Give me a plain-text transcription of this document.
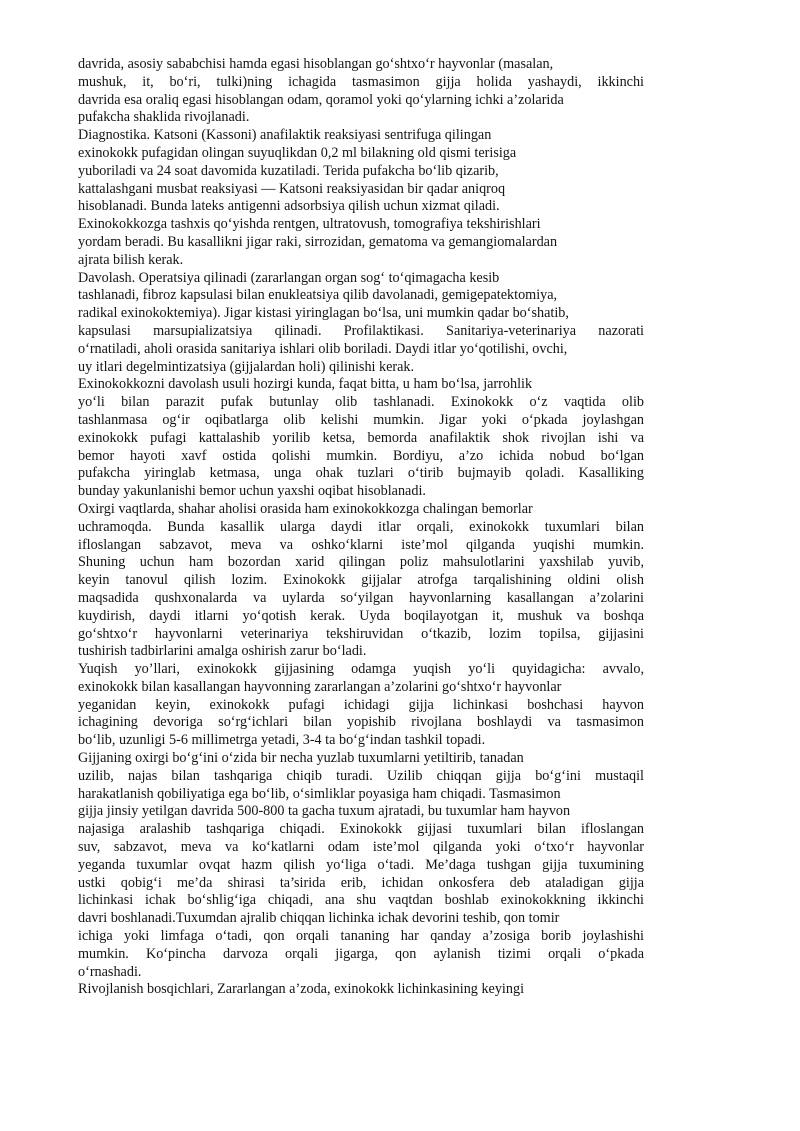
davrida, asosiy sababchisi hamda egasi hisoblangan go‘shtxo‘r hayvonlar (masalan,
mushuk, it, bo‘ri, tulki)ning ichagida tasmasimon gijja holida yashaydi, ikkinchi
davrida esa oraliq egasi hisoblangan odam, qoramol yoki qo‘ylarning ichki a’zolarida
pufakcha shaklida rivojlanadi.
Diagnostika. Katsoni (Kassoni) anafilaktik reaksiyasi sentrifuga qilingan
exinokokk pufagidan olingan suyuqlikdan 0,2 ml bilakning old qismi terisiga
yuboriladi va 24 soat davomida kuzatiladi. Terida pufakcha bo‘lib qizarib,
kattalashgani musbat reaksiyasi — Katsoni reaksiyasidan bir qadar aniqroq
hisoblanadi. Bunda lateks antigenni adsorbsiya qilish uchun xizmat qiladi.
Exinokokkozga tashxis qo‘yishda rentgen, ultratovush, tomografiya tekshirishlari
yordam beradi. Bu kasallikni jigar raki, sirrozidan, gematoma va gemangiomalardan
ajrata bilish kerak.
Davolash. Operatsiya qilinadi (zararlangan organ sog‘ to‘qimagacha kesib
tashlanadi, fibroz kapsulasi bilan enukleatsiya qilib davolanadi, gemigepatektomiya,
radikal exinokoktemiya). Jigar kistasi yiringlagan bo‘lsa, uni mumkin qadar bo‘shatib,
kapsulasi marsupializatsiya qilinadi. Profilaktikasi. Sanitariya-veterinariya nazorati
o‘rnatiladi, aholi orasida sanitariya ishlari olib boriladi. Daydi itlar yo‘qotilishi, ovchi,
uy itlari degelmintizatsiya (gijjalardan holi) qilinishi kerak.
Exinokokkozni davolash usuli hozirgi kunda, faqat bitta, u ham bo‘lsa, jarrohlik
yo‘li bilan parazit pufak butunlay olib tashlanadi. Exinokokk o‘z vaqtida olib
tashlanmasa og‘ir oqibatlarga olib kelishi mumkin. Jigar yoki o‘pkada joylashgan
exinokokk pufagi kattalashib yorilib ketsa, bemorda anafilaktik shok rivojlan ishi va
bemor hayoti xavf ostida qolishi mumkin. Bordiyu, a’zo ichida nobud bo‘lgan
pufakcha yiringlab ketmasa, unga ohak tuzlari o‘tirib bujmayib qoladi. Kasalliking
bunday yakunlanishi bemor uchun yaxshi oqibat hisoblanadi.
Oxirgi vaqtlarda, shahar aholisi orasida ham exinokokkozga chalingan bemorlar
uchramoqda. Bunda kasallik ularga daydi itlar orqali, exinokokk tuxumlari bilan
ifloslangan sabzavot, meva va oshko‘klarni iste’mol qilganda yuqishi mumkin.
Shuning uchun ham bozordan xarid qilingan poliz mahsulotlarini yaxshilab yuvib,
keyin tanovul qilish lozim. Exinokokk gijjalar atrofga tarqalishining oldini olish
maqsadida qushxonalarda va uylarda so‘yilgan hayvonlarning kasallangan a’zolarini
kuydirish, daydi itlarni yo‘qotish kerak. Uyda boqilayotgan it, mushuk va boshqa
go‘shtxo‘r hayvonlarni veterinariya tekshiruvidan o‘tkazib, lozim topilsa, gijjasini
tushirish tadbirlarini amalga oshirish zarur bo‘ladi.
Yuqish yo’llari, exinokokk gijjasining odamga yuqish yo‘li quyidagicha: avvalo,
exinokokk bilan kasallangan hayvonning zararlangan a’zolarini go‘shtxo‘r hayvonlar
yeganidan keyin, exinokokk pufagi ichidagi gijja lichinkasi boshchasi hayvon
ichagining devoriga so‘rg‘ichlari bilan yopishib rivojlana boshlaydi va tasmasimon
bo‘lib, uzunligi 5-6 millimetrga yetadi, 3-4 ta bo‘g‘indan tashkil topadi.
Gijjaning oxirgi bo‘g‘ini o‘zida bir necha yuzlab tuxumlarni yetiltirib, tanadan
uzilib, najas bilan tashqariga chiqib turadi. Uzilib chiqqan gijja bo‘g‘ini mustaqil
harakatlanish qobiliyatiga ega bo‘lib, o‘simliklar poyasiga ham chiqadi. Tasmasimon
gijja jinsiy yetilgan davrida 500-800 ta gacha tuxum ajratadi, bu tuxumlar ham hayvon
najasiga aralashib tashqariga chiqadi. Exinokokk gijjasi tuxumlari bilan ifloslangan
suv, sabzavot, meva va ko‘katlarni odam iste’mol qilganda yoki o‘txo‘r hayvonlar
yeganda tuxumlar ovqat hazm qilish yo‘liga o‘tadi. Me’daga tushgan gijja tuxumining
ustki qobig‘i me’da shirasi ta’sirida erib, ichidan onkosfera deb ataladigan gijja
lichinkasi ichak bo‘shlig‘iga chiqadi, ana shu vaqtdan boshlab exinokokkning ikkinchi
davri boshlanadi.Tuxumdan ajralib chiqqan lichinka ichak devorini teshib, qon tomir
ichiga yoki limfaga o‘tadi, qon orqali tananing har qanday a’zosiga borib joylashishi
mumkin. Ko‘pincha darvoza orqali jigarga, qon aylanish tizimi orqali o‘pkada
o‘rnashadi.
Rivojlanish bosqichlari, Zararlangan a’zoda, exinokokk lichinkasining keyingi
